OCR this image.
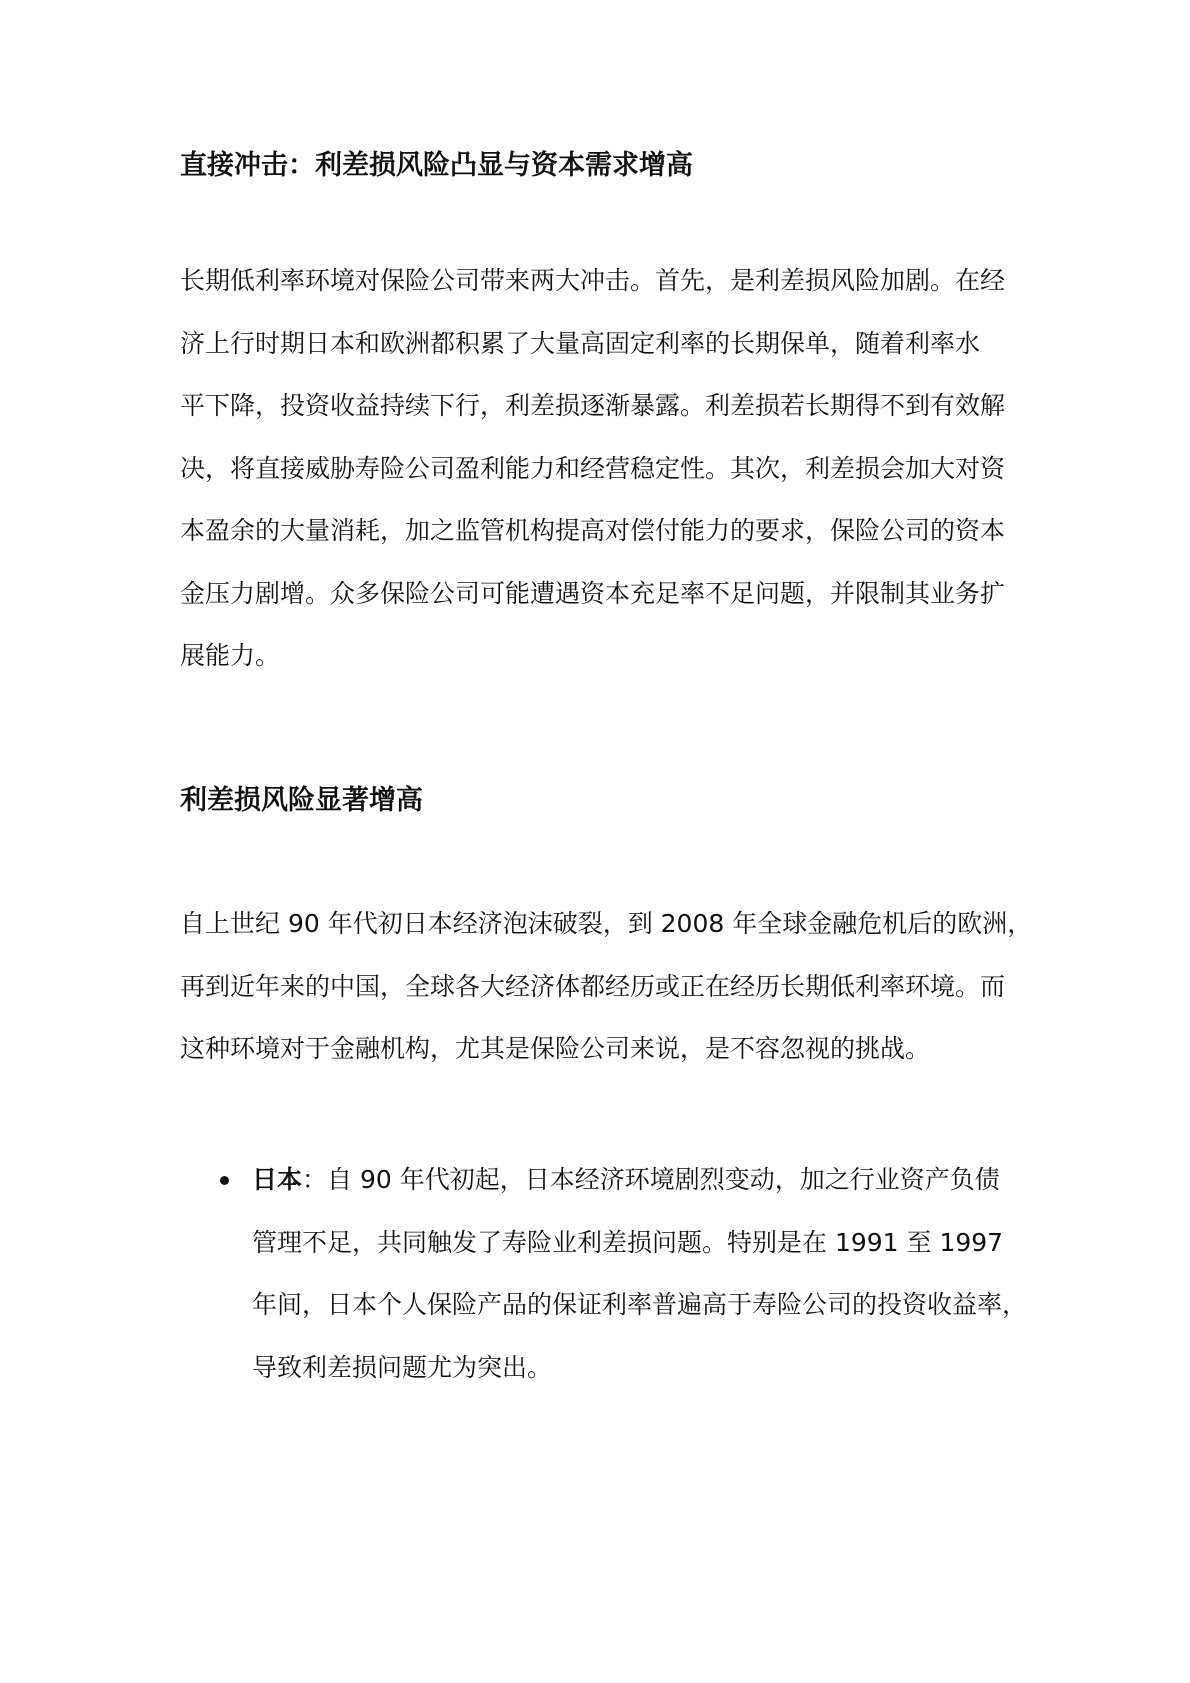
直接冲击：利差损风险凸显与资本需求增高
长期低利率环境对保险公司带来两大冲击。首先，是利差损风险加剧。在经
济上行时期日本和欧洲都积累了大量高固定利率的长期保单，随着利率水
平下降，投资收益持续下行，利差损逐渐暴露。利差损若长期得不到有效解
决，将直接威胁寿险公司盈利能力和经营稳定性。其次，利差损会加大对资
本盈余的大量消耗，加之监管机构提高对偿付能力的要求，保险公司的资本
金压力剧增。众多保险公司可能遭遇资本充足率不足问题，并限制其业务扩
展能力。
利差损风险显著增高
自上世纪 90 年代初日本经济泡沫破裂，到 2008 年全球金融危机后的欧洲，
再到近年来的中国，全球各大经济体都经历或正在经历长期低利率环境。而
这种环境对于金融机构，尤其是保险公司来说，是不容忽视的挑战。
日本：自 90 年代初起，日本经济环境剧烈变动，加之行业资产负债
管理不足，共同触发了寿险业利差损问题。特别是在 1991 至 1997
年间，日本个人保险产品的保证利率普遍高于寿险公司的投资收益率，
导致利差损问题尤为突出。
